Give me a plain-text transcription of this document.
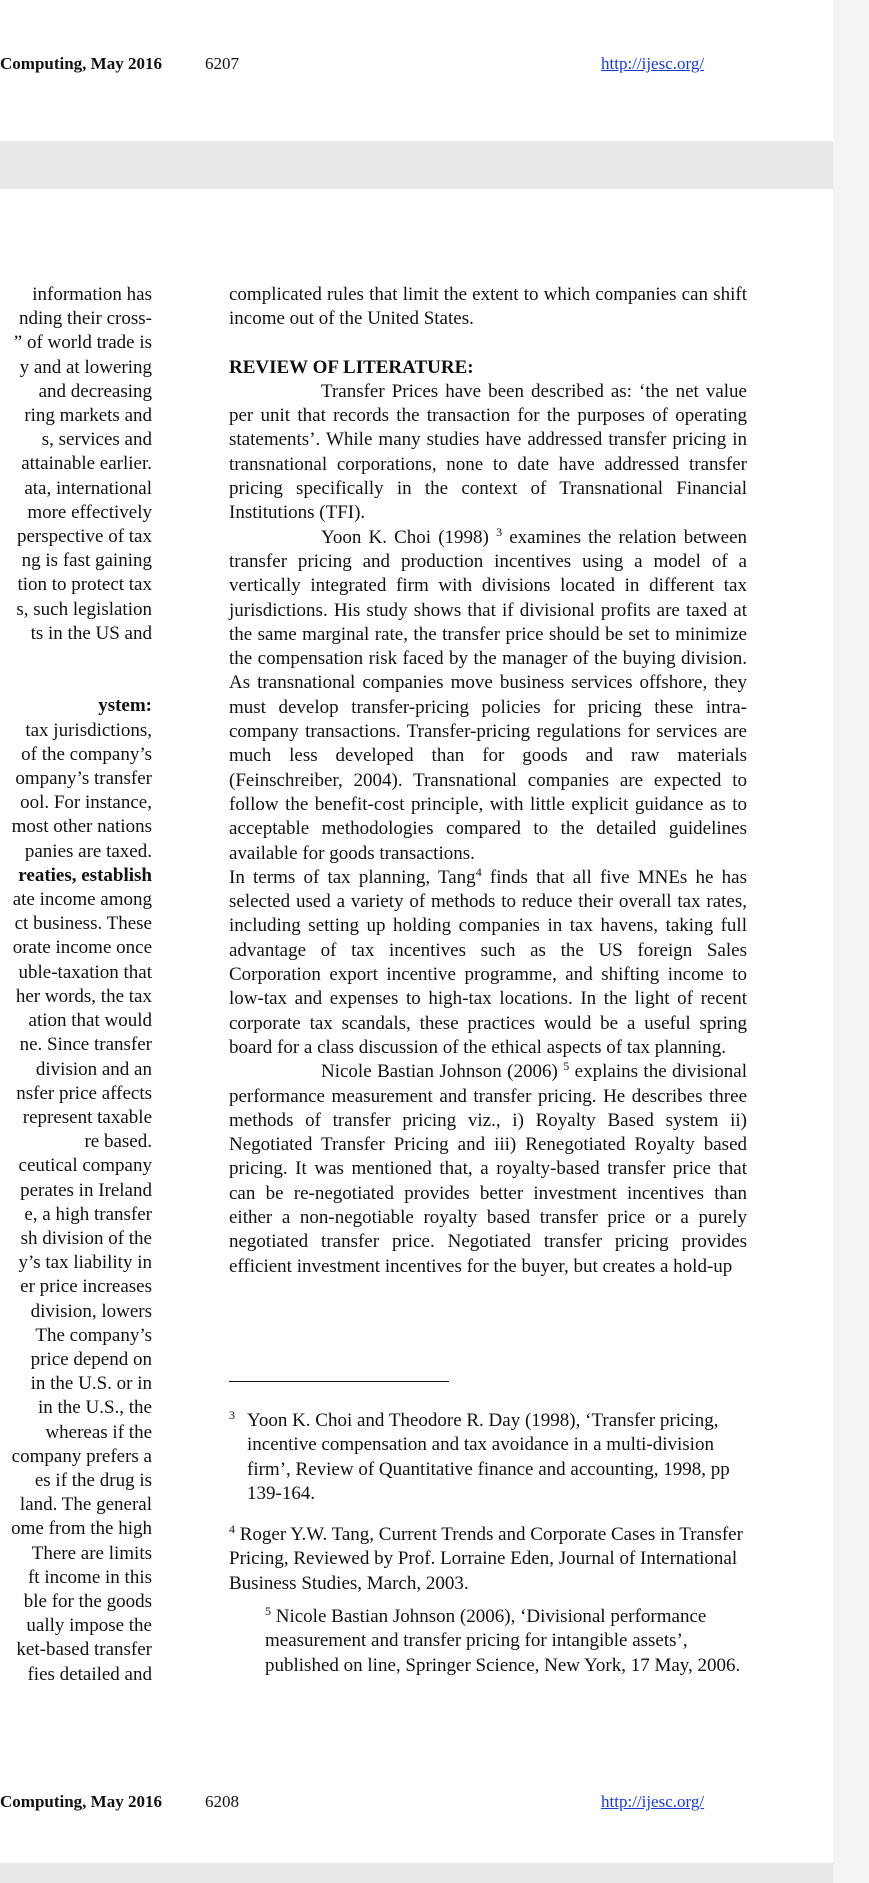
Computing, May 2016	6207	http://ijesc.org/
information has
nding their cross-
” of world trade is
y and at lowering
and decreasing
ring markets and
s, services and
attainable earlier.
ata, international
more effectively
perspective of tax
ng is fast gaining
tion to protect tax
s, such legislation
ts in the US and

ystem:
tax jurisdictions,
of the company’s
ompany’s transfer
ool. For instance,
most other nations
panies are taxed.
reaties, establish
ate income among
ct business. These
orate income once
uble-taxation that
her words, the tax
ation that would
ne. Since transfer
division and an
nsfer price affects
represent taxable
re based.
ceutical company
perates in Ireland
e, a high transfer
sh division of the
y’s tax liability in
er price increases
division, lowers
The company’s
price depend on
in the U.S. or in
in the U.S., the
whereas if the
company prefers a
es if the drug is
land. The general
ome from the high
There are limits
ft income in this
ble for the goods
ually impose the
ket-based transfer
fies detailed and

complicated rules that limit the extent to which companies can shift income out of the United States.

REVIEW OF LITERATURE:

Transfer Prices have been described as: ‘the net value per unit that records the transaction for the purposes of operating statements’. While many studies have addressed transfer pricing in transnational corporations, none to date have addressed transfer pricing specifically in the context of Transnational Financial Institutions (TFI).

Yoon K. Choi (1998) $^3$ examines the relation between transfer pricing and production incentives using a model of a vertically integrated firm with divisions located in different tax jurisdictions. His study shows that if divisional profits are taxed at the same marginal rate, the transfer price should be set to minimize the compensation risk faced by the manager of the buying division. As transnational companies move business services offshore, they must develop transfer-pricing policies for pricing these intra-company transactions. Transfer-pricing regulations for services are much less developed than for goods and raw materials (Feinschreiber, 2004). Transnational companies are expected to follow the benefit-cost principle, with little explicit guidance as to acceptable methodologies compared to the detailed guidelines available for goods transactions.

In terms of tax planning, Tang$^4$ finds that all five MNEs he has selected used a variety of methods to reduce their overall tax rates, including setting up holding companies in tax havens, taking full advantage of tax incentives such as the US foreign Sales Corporation export incentive programme, and shifting income to low-tax and expenses to high-tax locations. In the light of recent corporate tax scandals, these practices would be a useful spring board for a class discussion of the ethical aspects of tax planning.

Nicole Bastian Johnson (2006) $^5$ explains the divisional performance measurement and transfer pricing. He describes three methods of transfer pricing viz., i) Royalty Based system ii) Negotiated Transfer Pricing and iii) Renegotiated Royalty based pricing. It was mentioned that, a royalty-based transfer price that can be re-negotiated provides better investment incentives than either a non-negotiable royalty based transfer price or a purely negotiated transfer price. Negotiated transfer pricing provides efficient investment incentives for the buyer, but creates a hold-up

3 Yoon K. Choi and Theodore R. Day (1998), ‘Transfer pricing, incentive compensation and tax avoidance in a multi-division firm’, Review of Quantitative finance and accounting, 1998, pp 139-164.
$^4$ Roger Y.W. Tang, Current Trends and Corporate Cases in Transfer Pricing, Reviewed by Prof. Lorraine Eden, Journal of International Business Studies, March, 2003.
$^5$ Nicole Bastian Johnson (2006), ‘Divisional performance measurement and transfer pricing for intangible assets’, published on line, Springer Science, New York, 17 May, 2006.
Computing, May 2016	6208	http://ijesc.org/
